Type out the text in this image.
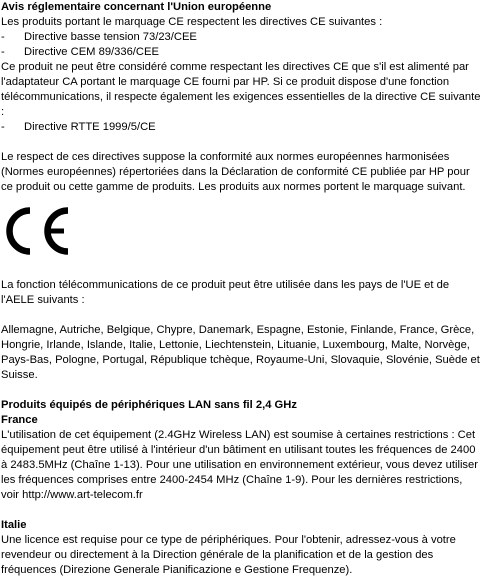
Avis réglementaire concernant l'Union européenne

Les produits portant le marquage CE respectent les directives CE suivantes :

-	Directive basse tension 73/23/CEE
-	Directive CEM 89/336/CEE

Ce produit ne peut être considéré comme respectant les directives CE que s'il est alimenté par l'adaptateur CA portant le marquage CE fourni par HP. Si ce produit dispose d'une fonction télécommunications, il respecte également les exigences essentielles de la directive CE suivante :

-	Directive RTTE 1999/5/CE

Le respect de ces directives suppose la conformité aux normes européennes harmonisées (Normes européennes) répertoriées dans la Déclaration de conformité CE publiée par HP pour ce produit ou cette gamme de produits. Les produits aux normes portent le marquage suivant.

La fonction télécommunications de ce produit peut être utilisée dans les pays de l'UE et de l'AELE suivants :

Allemagne, Autriche, Belgique, Chypre, Danemark, Espagne, Estonie, Finlande, France, Grèce, Hongrie, Irlande, Islande, Italie, Lettonie, Liechtenstein, Lituanie, Luxembourg, Malte, Norvège, Pays-Bas, Pologne, Portugal, République tchèque, Royaume-Uni, Slovaquie, Slovénie, Suède et Suisse.

Produits équipés de périphériques LAN sans fil 2,4 GHz

France

L'utilisation de cet équipement (2.4GHz Wireless LAN) est soumise à certaines restrictions : Cet équipement peut être utilisé à l'intérieur d'un bâtiment en utilisant toutes les fréquences de 2400 à 2483.5MHz (Chaîne 1-13). Pour une utilisation en environnement extérieur, vous devez utiliser les fréquences comprises entre 2400-2454 MHz (Chaîne 1-9). Pour les dernières restrictions, voir http://www.art-telecom.fr

Italie

Une licence est requise pour ce type de périphériques. Pour l'obtenir, adressez-vous à votre revendeur ou directement à la Direction générale de la planification et de la gestion des fréquences (Direzione Generale Pianificazione e Gestione Frequenze).
